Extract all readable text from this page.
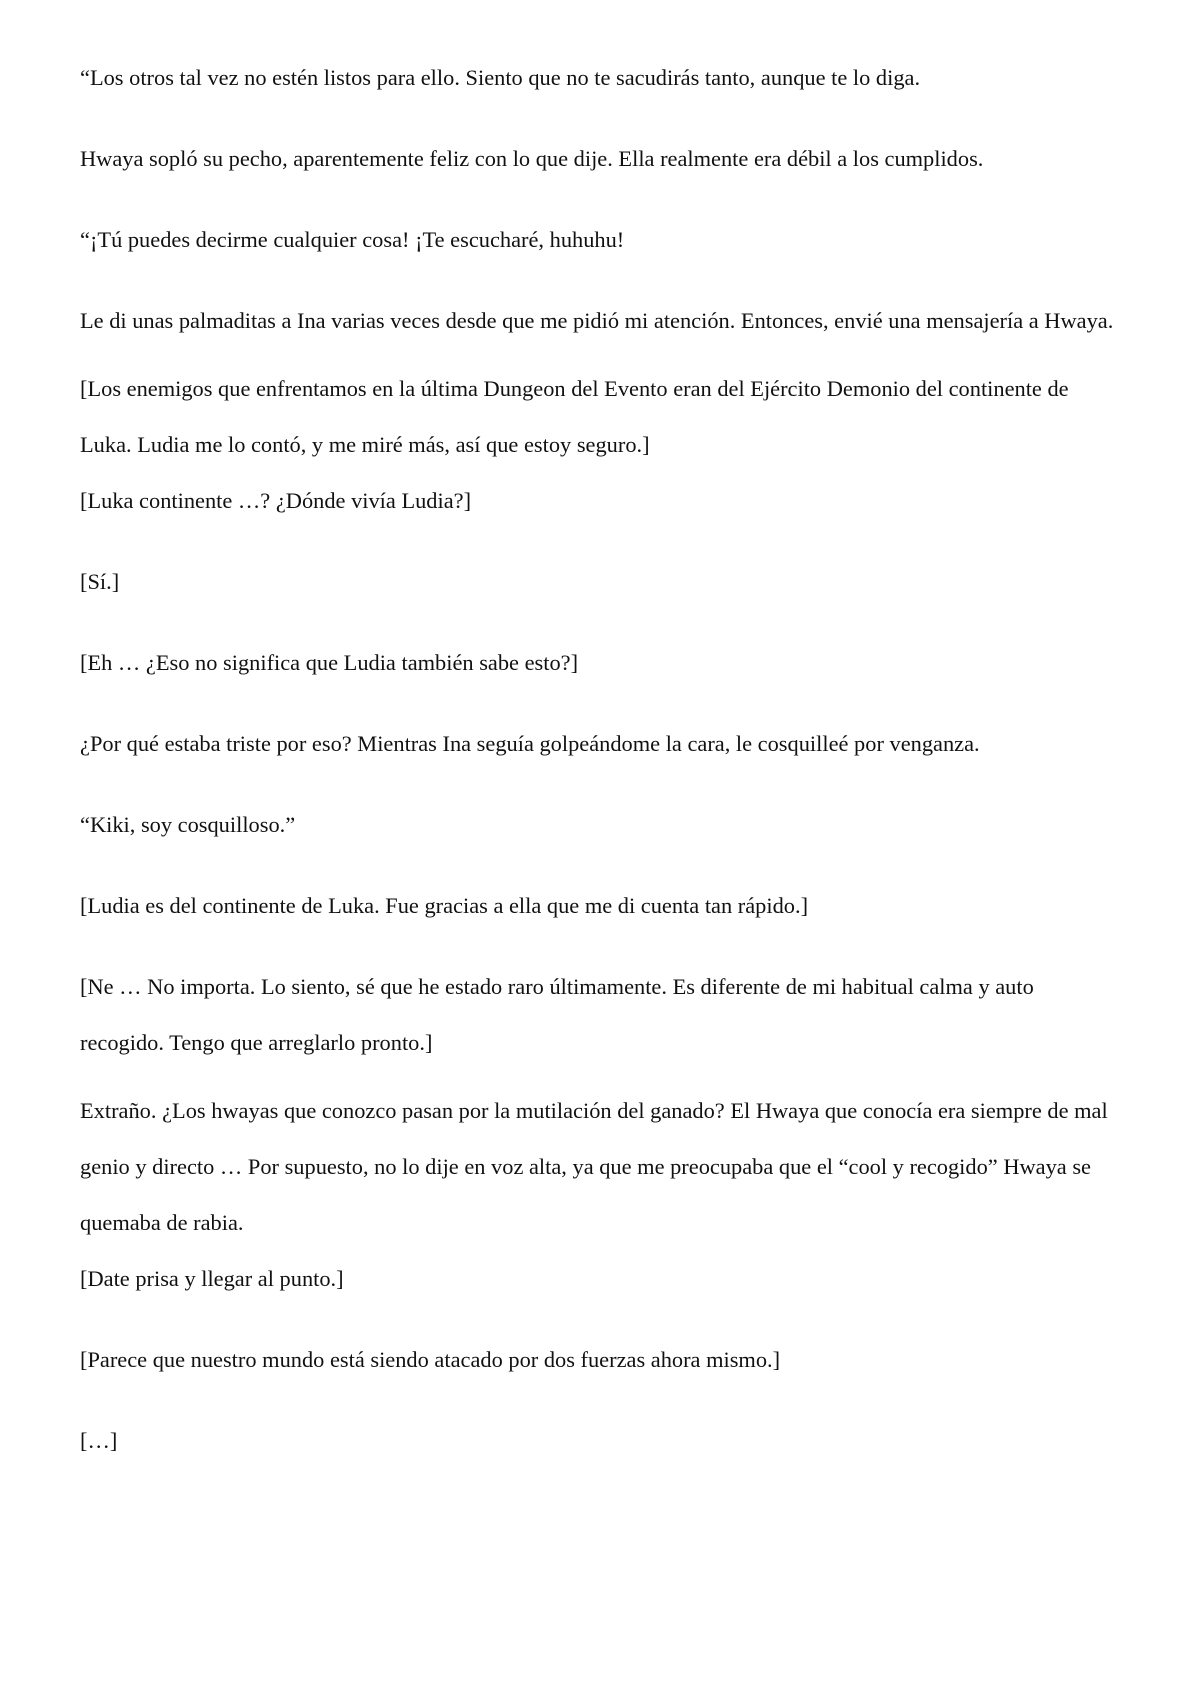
“Los otros tal vez no estén listos para ello. Siento que no te sacudirás tanto, aunque te lo diga.

Hwaya sopló su pecho, aparentemente feliz con lo que dije. Ella realmente era débil a los cumplidos.

“¡Tú puedes decirme cualquier cosa! ¡Te escucharé, huhuhu!

Le di unas palmaditas a Ina varias veces desde que me pidió mi atención. Entonces, envié una mensajería a Hwaya.

[Los enemigos que enfrentamos en la última Dungeon del Evento eran del Ejército Demonio del continente de Luka. Ludia me lo contó, y me miré más, así que estoy seguro.]

[Luka continente …? ¿Dónde vivía Ludia?]

[Sí.]

[Eh … ¿Eso no significa que Ludia también sabe esto?]

¿Por qué estaba triste por eso? Mientras Ina seguía golpeándome la cara, le cosquilleé por venganza.

“Kiki, soy cosquilloso.”

[Ludia es del continente de Luka. Fue gracias a ella que me di cuenta tan rápido.]

[Ne … No importa. Lo siento, sé que he estado raro últimamente. Es diferente de mi habitual calma y auto recogido. Tengo que arreglarlo pronto.]

Extraño. ¿Los hwayas que conozco pasan por la mutilación del ganado? El Hwaya que conocía era siempre de mal genio y directo … Por supuesto, no lo dije en voz alta, ya que me preocupaba que el “cool y recogido” Hwaya se quemaba de rabia.

[Date prisa y llegar al punto.]

[Parece que nuestro mundo está siendo atacado por dos fuerzas ahora mismo.]

[…]
